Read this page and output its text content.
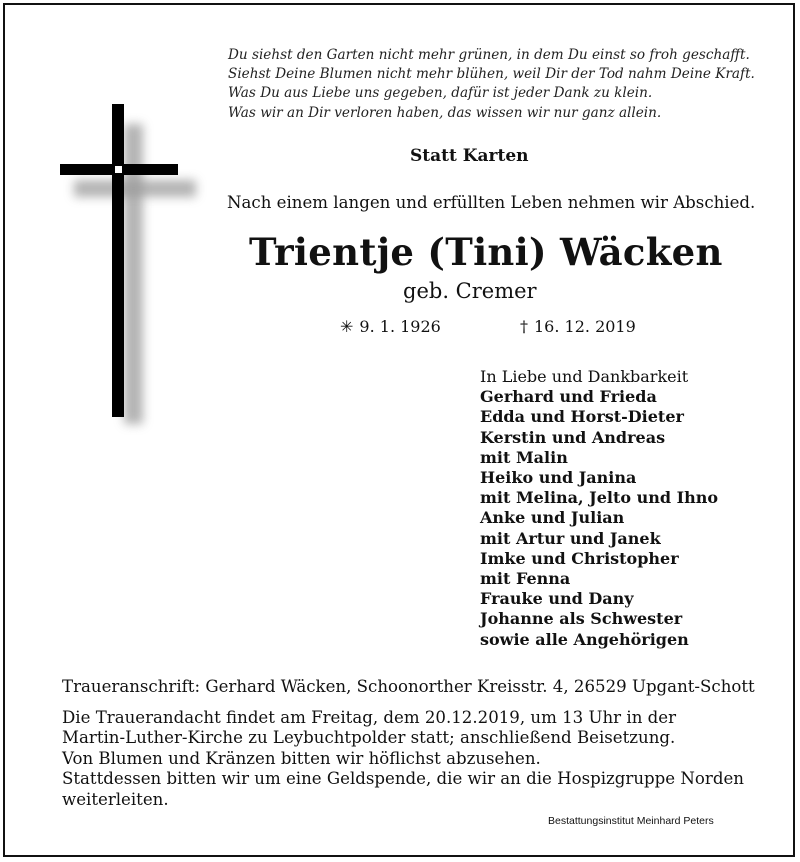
Du siehst den Garten nicht mehr grünen, in dem Du einst so froh geschafft.
Siehst Deine Blumen nicht mehr blühen, weil Dir der Tod nahm Deine Kraft.
Was Du aus Liebe uns gegeben, dafür ist jeder Dank zu klein.
Was wir an Dir verloren haben, das wissen wir nur ganz allein.
Statt Karten
Nach einem langen und erfüllten Leben nehmen wir Abschied.
Trientje (Tini) Wäcken
geb. Cremer
✳ 9. 1. 1926	† 16. 12. 2019
In Liebe und Dankbarkeit
Gerhard und Frieda
Edda und Horst-Dieter
Kerstin und Andreas
mit Malin
Heiko und Janina
mit Melina, Jelto und Ihno
Anke und Julian
mit Artur und Janek
Imke und Christopher
mit Fenna
Frauke und Dany
Johanne als Schwester
sowie alle Angehörigen
Traueranschrift: Gerhard Wäcken, Schoonorther Kreisstr. 4, 26529 Upgant-Schott
Die Trauerandacht findet am Freitag, dem 20.12.2019, um 13 Uhr in der
Martin-Luther-Kirche zu Leybuchtpolder statt; anschließend Beisetzung.
Von Blumen und Kränzen bitten wir höflichst abzusehen.
Stattdessen bitten wir um eine Geldspende, die wir an die Hospizgruppe Norden
weiterleiten.
Bestattungsinstitut Meinhard Peters
